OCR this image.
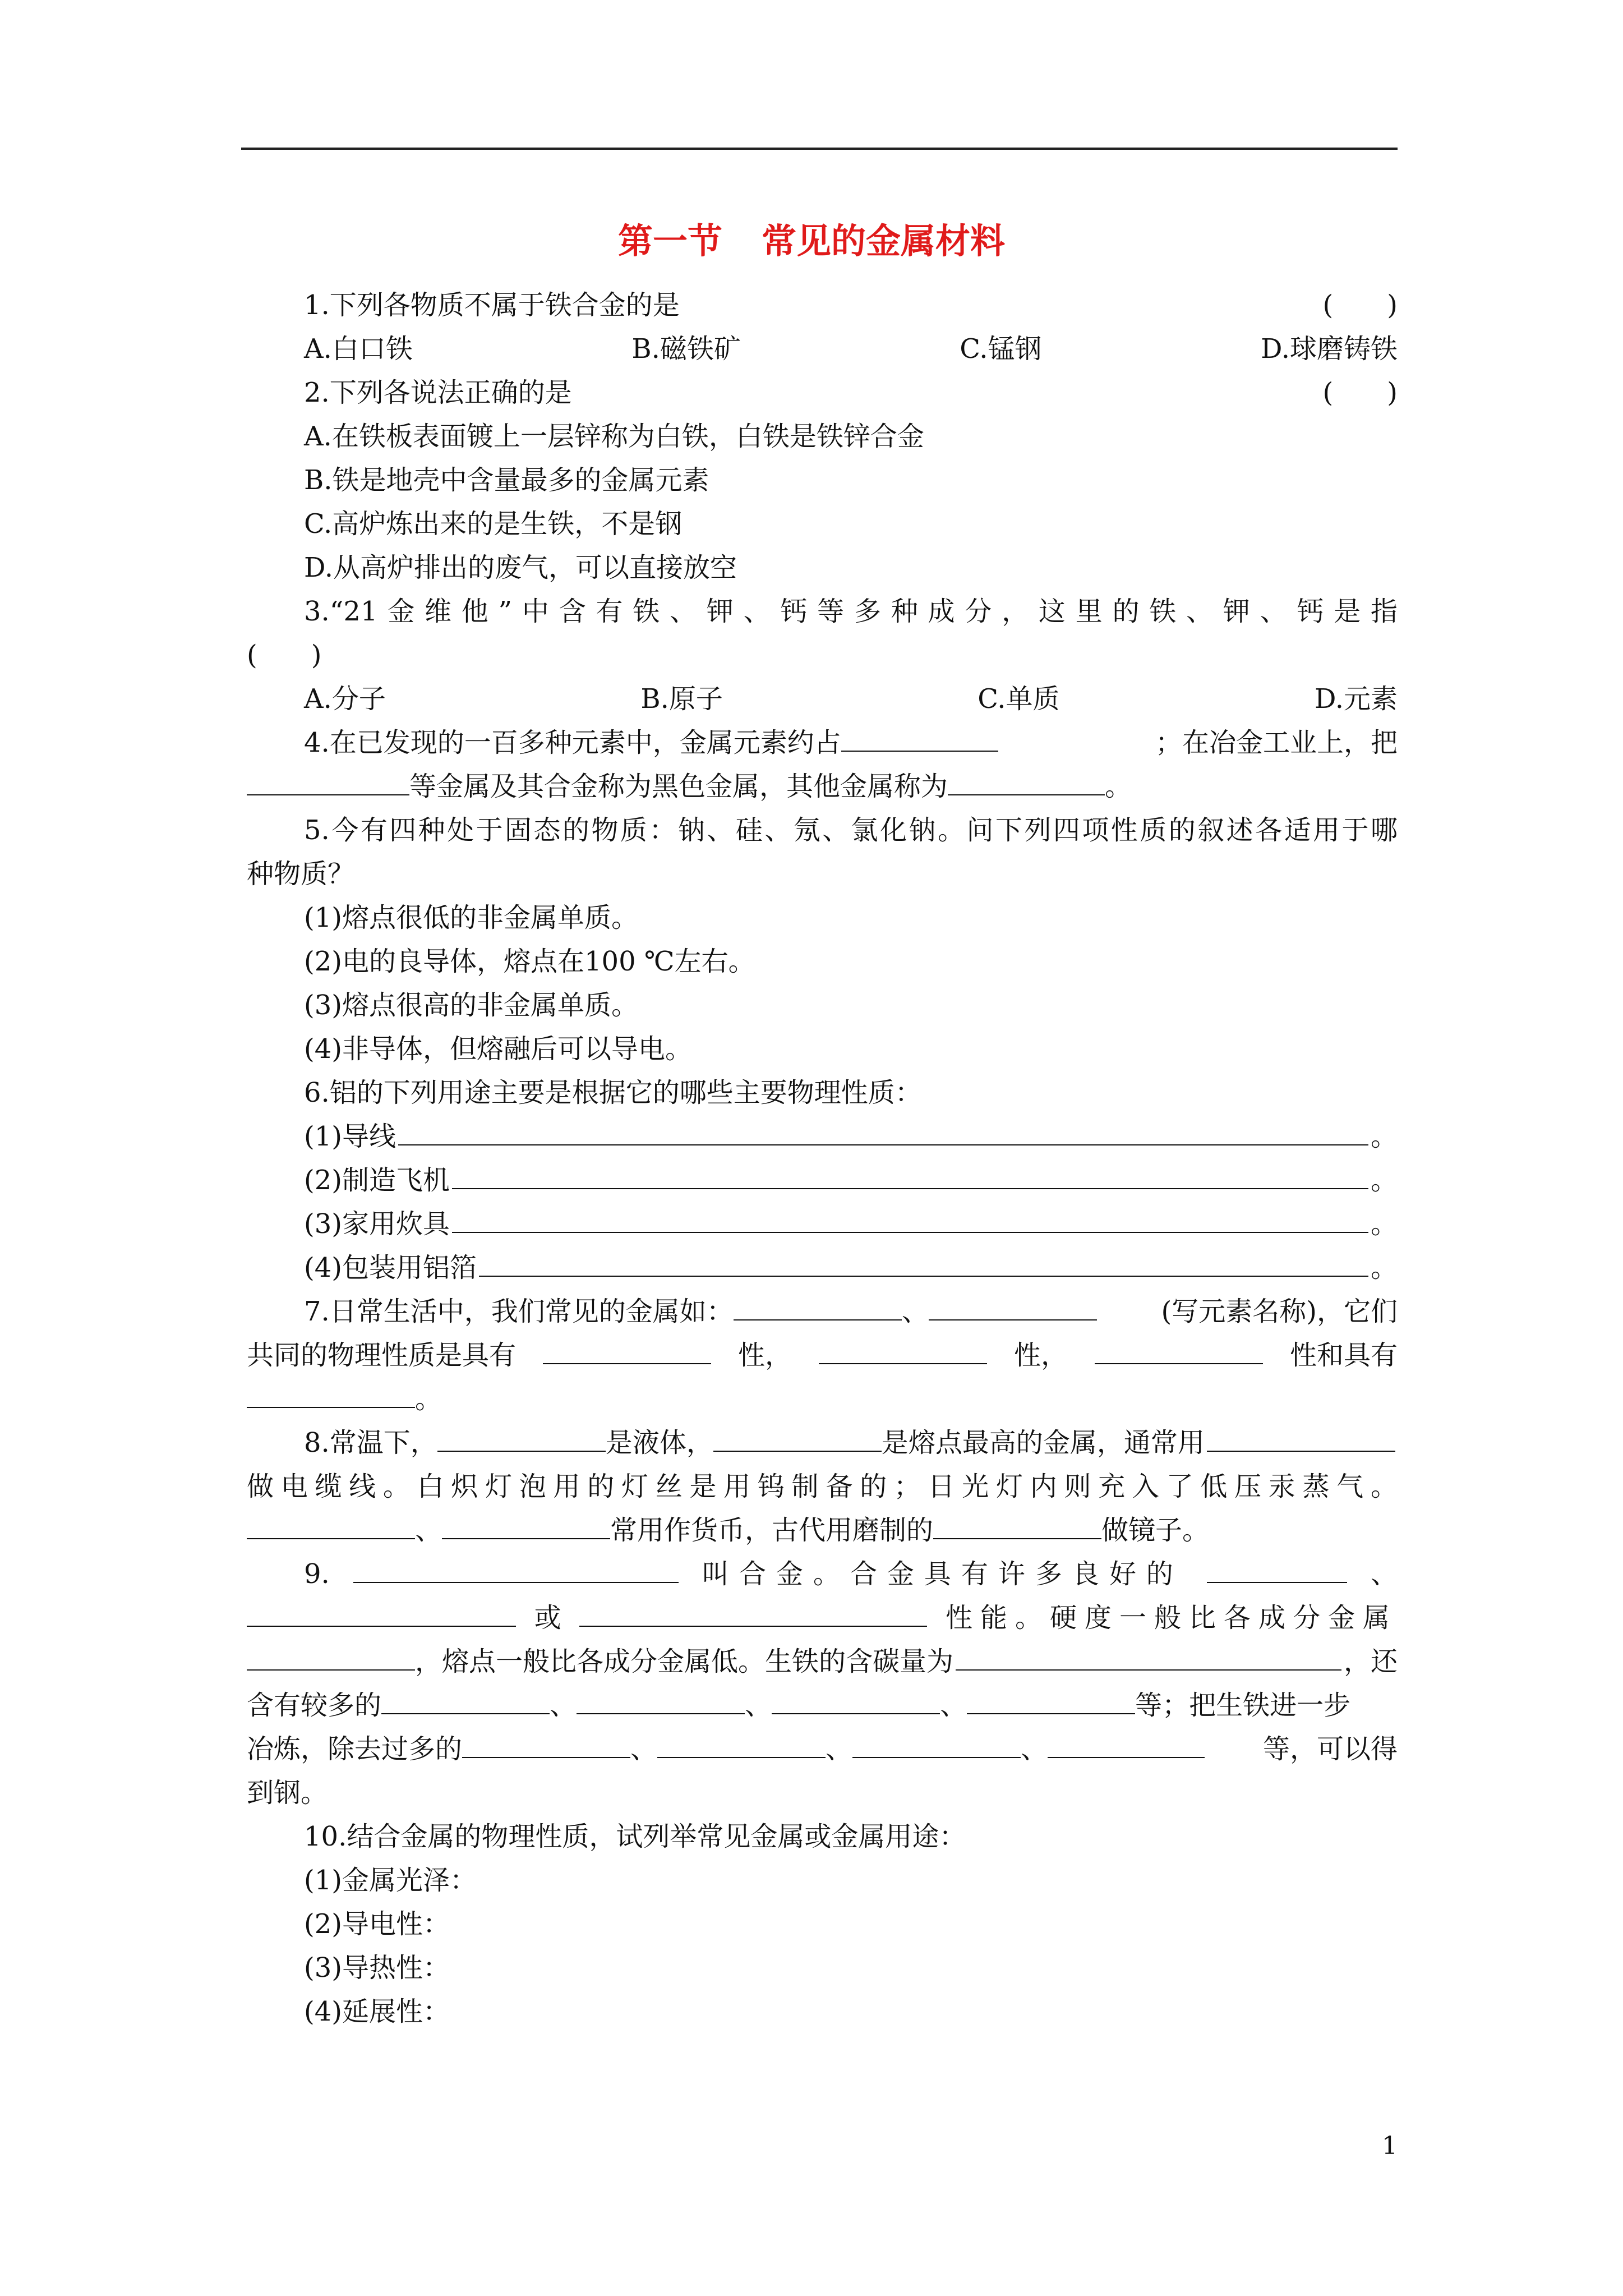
第一节 常见的金属材料
1.下列各物质不属于铁合金的是	(　　)
A.白口铁	B.磁铁矿	C.锰钢	D.球磨铸铁
2.下列各说法正确的是	(　　)
A.在铁板表面镀上一层锌称为白铁，白铁是铁锌合金
B.铁是地壳中含量最多的金属元素
C.高炉炼出来的是生铁，不是钢
D.从高炉排出的废气，可以直接放空
3.“21金维他”中含有铁、钾、钙等多种成分，这里的铁、钾、钙是指
(　　)
A.分子	B.原子	C.单质	D.元素
4.在已发现的一百多种元素中，金属元素约占	；在冶金工业上，把
等金属及其合金称为黑色金属，其他金属称为	。
5.今有四种处于固态的物质：钠、硅、氖、氯化钠。问下列四项性质的叙述各适用于哪
种物质？
(1)熔点很低的非金属单质。
(2)电的良导体，熔点在100 ℃左右。
(3)熔点很高的非金属单质。
(4)非导体，但熔融后可以导电。
6.铝的下列用途主要是根据它的哪些主要物理性质：
(1)导线	。
(2)制造飞机	。
(3)家用炊具	。
(4)包装用铝箔	。
7.日常生活中，我们常见的金属如：	、	(写元素名称)，它们
共同的物理性质是具有	性，	性，	性和具有
。
8.常温下，	是液体，	是熔点最高的金属，通常用
做电缆线。白炽灯泡用的灯丝是用钨制备的；日光灯内则充入了低压汞蒸气。
、	常用作货币，古代用磨制的	做镜子。
9.	叫合金。合金具有许多良好的	、
或	性能。硬度一般比各成分金属
，熔点一般比各成分金属低。生铁的含碳量为	，还
含有较多的	、	、	、	等；把生铁进一步
冶炼，除去过多的	、	、	、	等，可以得
到钢。
10.结合金属的物理性质，试列举常见金属或金属用途：
(1)金属光泽：
(2)导电性：
(3)导热性：
(4)延展性：
1
